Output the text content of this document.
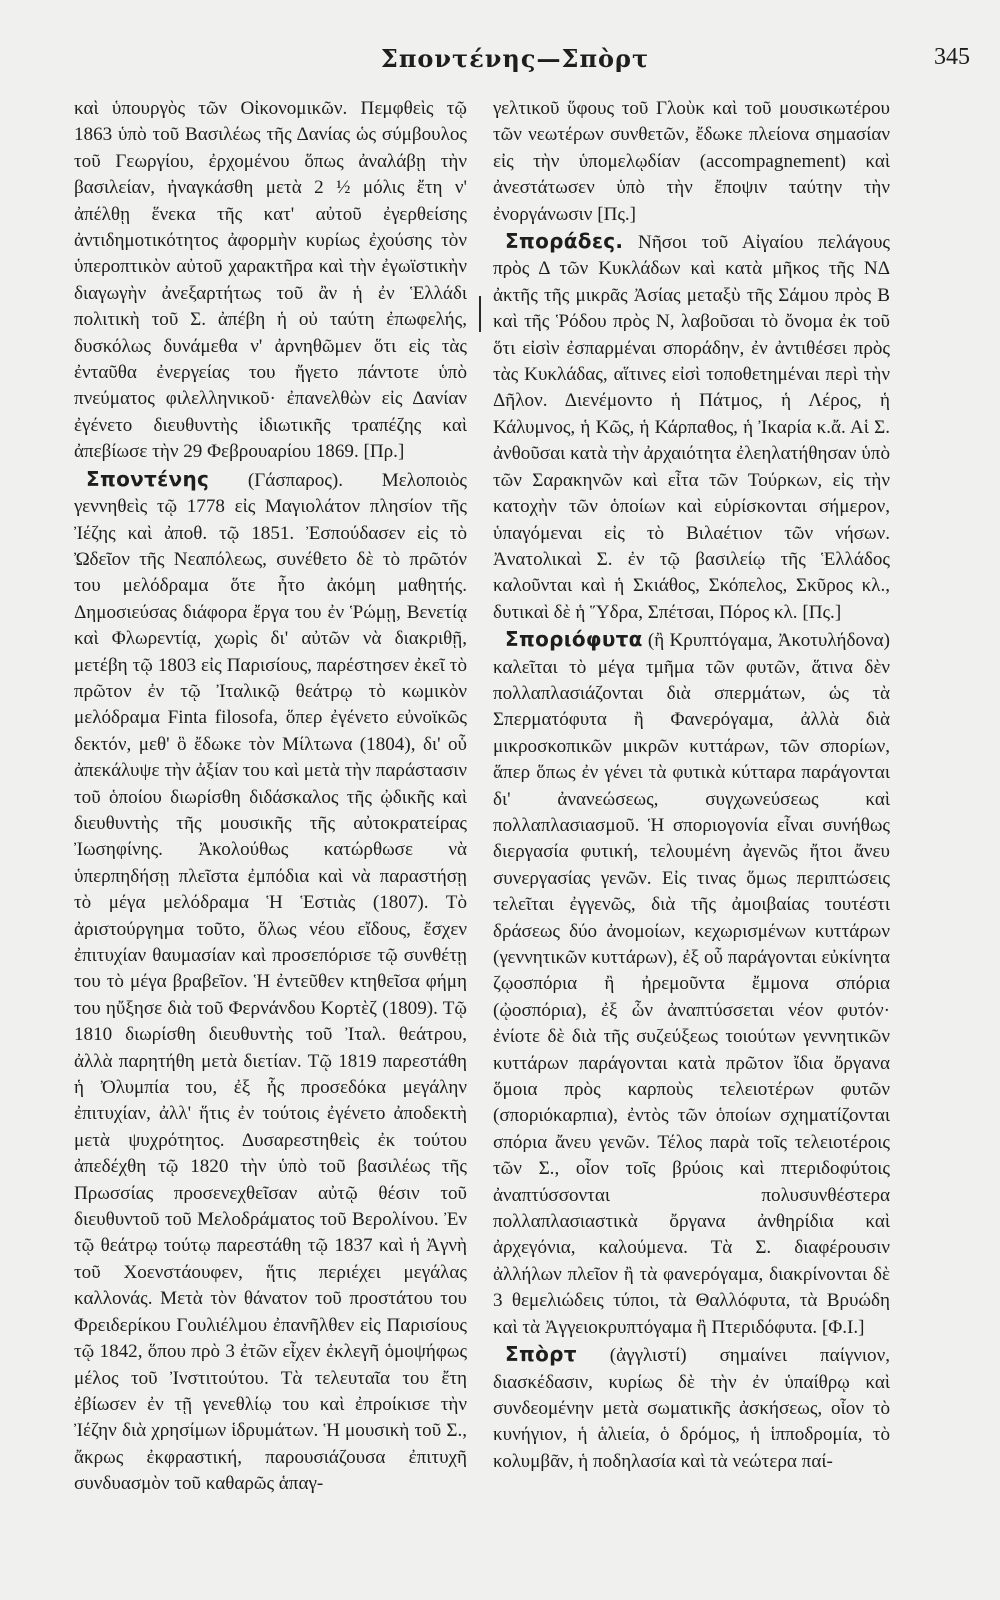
Σποντένης—Σπὸρτ	345

καὶ ὑπουργὸς τῶν Οἰκονομικῶν. Πεμφθεὶς τῷ 1863 ὑπὸ τοῦ Βασιλέως τῆς Δανίας ὡς σύμβουλος τοῦ Γεωργίου, ἐρχομένου ὅπως ἀναλάβῃ τὴν βασιλείαν, ἠναγκάσθη μετὰ 2 ½ μόλις ἔτη ν' ἀπέλθῃ ἕνεκα τῆς κατ' αὐτοῦ ἐγερθείσης ἀντιδημοτικότητος ἀφορμὴν κυρίως ἐχούσης τὸν ὑπεροπτικὸν αὐτοῦ χαρακτῆρα καὶ τὴν ἐγωϊστικὴν διαγωγὴν ἀνεξαρτήτως τοῦ ἂν ἡ ἐν Ἑλλάδι πολιτικὴ τοῦ Σ. ἀπέβη ἡ οὐ ταύτη ἐπωφελής, δυσκόλως δυνάμεθα ν' ἀρνηθῶμεν ὅτι εἰς τὰς ἐνταῦθα ἐνεργείας του ἤγετο πάντοτε ὑπὸ πνεύματος φιλελληνικοῦ· ἐπανελθὼν εἰς Δανίαν ἐγένετο διευθυντὴς ἰδιωτικῆς τραπέζης καὶ ἀπεβίωσε τὴν 29 Φεβρουαρίου 1869. [Πρ.]

Σποντένης (Γάσπαρος). Μελοποιὸς γεννηθεὶς τῷ 1778 εἰς Μαγιολάτον πλησίον τῆς Ἰέζης καὶ ἀποθ. τῷ 1851. Ἐσπούδασεν εἰς τὸ Ὠδεῖον τῆς Νεαπόλεως, συνέθετο δὲ τὸ πρῶτόν του μελόδραμα ὅτε ἦτο ἀκόμη μαθητής. Δημοσιεύσας διάφορα ἔργα του ἐν Ῥώμῃ, Βενετίᾳ καὶ Φλωρεντίᾳ, χωρὶς δι' αὐτῶν νὰ διακριθῇ, μετέβη τῷ 1803 εἰς Παρισίους, παρέστησεν ἐκεῖ τὸ πρῶτον ἐν τῷ Ἰταλικῷ θεάτρῳ τὸ κωμικὸν μελόδραμα Finta filosofa, ὅπερ ἐγένετο εὐνοϊκῶς δεκτόν, μεθ' ὃ ἔδωκε τὸν Μίλτωνα (1804), δι' οὗ ἀπεκάλυψε τὴν ἀξίαν του καὶ μετὰ τὴν παράστασιν τοῦ ὁποίου διωρίσθη διδάσκαλος τῆς ᾠδικῆς καὶ διευθυντὴς τῆς μουσικῆς τῆς αὐτοκρατείρας Ἰωσηφίνης. Ἀκολούθως κατώρθωσε νὰ ὑπερπηδήσῃ πλεῖστα ἐμπόδια καὶ νὰ παραστήσῃ τὸ μέγα μελόδραμα Ἡ Ἑστιὰς (1807). Τὸ ἀριστούργημα τοῦτο, ὅλως νέου εἴδους, ἔσχεν ἐπιτυχίαν θαυμασίαν καὶ προσεπόρισε τῷ συνθέτῃ του τὸ μέγα βραβεῖον. Ἡ ἐντεῦθεν κτηθεῖσα φήμη του ηὔξησε διὰ τοῦ Φερνάνδου Κορτὲζ (1809). Τῷ 1810 διωρίσθη διευθυντὴς τοῦ Ἰταλ. θεάτρου, ἀλλὰ παρητήθη μετὰ διετίαν. Τῷ 1819 παρεστάθη ἡ Ὀλυμπία του, ἐξ ἧς προσεδόκα μεγάλην ἐπιτυχίαν, ἀλλ' ἥτις ἐν τούτοις ἐγένετο ἀποδεκτὴ μετὰ ψυχρότητος. Δυσαρεστηθεὶς ἐκ τούτου ἀπεδέχθη τῷ 1820 τὴν ὑπὸ τοῦ βασιλέως τῆς Πρωσσίας προσενεχθεῖσαν αὐτῷ θέσιν τοῦ διευθυντοῦ τοῦ Μελοδράματος τοῦ Βερολίνου. Ἐν τῷ θεάτρῳ τούτῳ παρεστάθη τῷ 1837 καὶ ἡ Ἀγνὴ τοῦ Χοενστάουφεν, ἥτις περιέχει μεγάλας καλλονάς. Μετὰ τὸν θάνατον τοῦ προστάτου του Φρειδερίκου Γουλιέλμου ἐπανῆλθεν εἰς Παρισίους τῷ 1842, ὅπου πρὸ 3 ἐτῶν εἶχεν ἐκλεγῆ ὁμοψήφως μέλος τοῦ Ἰνστιτούτου. Τὰ τελευταῖα του ἔτη ἐβίωσεν ἐν τῇ γενεθλίῳ του καὶ ἐπροίκισε τὴν Ἰέζην διὰ χρησίμων ἱδρυμάτων. Ἡ μουσικὴ τοῦ Σ., ἄκρως ἐκφραστική, παρουσιάζουσα ἐπιτυχῆ συνδυασμὸν τοῦ καθαρῶς ἁπαγ-

γελτικοῦ ὕφους τοῦ Γλοὺκ καὶ τοῦ μουσικωτέρου τῶν νεωτέρων συνθετῶν, ἔδωκε πλείονα σημασίαν εἰς τὴν ὑπομελῳδίαν (accompagnement) καὶ ἀνεστάτωσεν ὑπὸ τὴν ἔποψιν ταύτην τὴν ἐνοργάνωσιν [Πς.]

Σποράδες. Νῆσοι τοῦ Αἰγαίου πελάγους πρὸς Δ τῶν Κυκλάδων καὶ κατὰ μῆκος τῆς ΝΔ ἀκτῆς τῆς μικρᾶς Ἀσίας μεταξὺ τῆς Σάμου πρὸς Β καὶ τῆς Ῥόδου πρὸς Ν, λαβοῦσαι τὸ ὄνομα ἐκ τοῦ ὅτι εἰσὶν ἐσπαρμέναι σποράδην, ἐν ἀντιθέσει πρὸς τὰς Κυκλάδας, αἵτινες εἰσὶ τοποθετημέναι περὶ τὴν Δῆλον. Διενέμοντο ἡ Πάτμος, ἡ Λέρος, ἡ Κάλυμνος, ἡ Κῶς, ἡ Κάρπαθος, ἡ Ἰκαρία κ.ἄ. Αἱ Σ. ἀνθοῦσαι κατὰ τὴν ἀρχαιότητα ἐλεηλατήθησαν ὑπὸ τῶν Σαρακηνῶν καὶ εἶτα τῶν Τούρκων, εἰς τὴν κατοχὴν τῶν ὁποίων καὶ εὑρίσκονται σήμερον, ὑπαγόμεναι εἰς τὸ Βιλαέτιον τῶν νήσων. Ἀνατολικαὶ Σ. ἐν τῷ βασιλείῳ τῆς Ἑλλάδος καλοῦνται καὶ ἡ Σκιάθος, Σκόπελος, Σκῦρος κλ., δυτικαὶ δὲ ἡ Ὕδρα, Σπέτσαι, Πόρος κλ. [Πς.]

Σποριόφυτα (ἢ Κρυπτόγαμα, Ἀκοτυλήδονα) καλεῖται τὸ μέγα τμῆμα τῶν φυτῶν, ἅτινα δὲν πολλαπλασιάζονται διὰ σπερμάτων, ὡς τὰ Σπερματόφυτα ἢ Φανερόγαμα, ἀλλὰ διὰ μικροσκοπικῶν μικρῶν κυττάρων, τῶν σπορίων, ἅπερ ὅπως ἐν γένει τὰ φυτικὰ κύτταρα παράγονται δι' ἀνανεώσεως, συγχωνεύσεως καὶ πολλαπλασιασμοῦ. Ἡ σποριογονία εἶναι συνήθως διεργασία φυτική, τελουμένη ἀγενῶς ἤτοι ἄνευ συνεργασίας γενῶν. Εἰς τινας ὅμως περιπτώσεις τελεῖται ἐγγενῶς, διὰ τῆς ἀμοιβαίας τουτέστι δράσεως δύο ἀνομοίων, κεχωρισμένων κυττάρων (γεννητικῶν κυττάρων), ἐξ οὗ παράγονται εὐκίνητα ζῳοσπόρια ἢ ἠρεμοῦντα ἔμμονα σπόρια (ᾠοσπόρια), ἐξ ὧν ἀναπτύσσεται νέον φυτόν· ἐνίοτε δὲ διὰ τῆς συζεύξεως τοιούτων γεννητικῶν κυττάρων παράγονται κατὰ πρῶτον ἴδια ὄργανα ὅμοια πρὸς καρποὺς τελειοτέρων φυτῶν (σποριόκαρπια), ἐντὸς τῶν ὁποίων σχηματίζονται σπόρια ἄνευ γενῶν. Τέλος παρὰ τοῖς τελειοτέροις τῶν Σ., οἷον τοῖς βρύοις καὶ πτεριδοφύτοις ἀναπτύσσονται πολυσυνθέστερα πολλαπλασιαστικὰ ὄργανα ἀνθηρίδια καὶ ἀρχεγόνια, καλούμενα. Τὰ Σ. διαφέρουσιν ἀλλήλων πλεῖον ἢ τὰ φανερόγαμα, διακρίνονται δὲ 3 θεμελιώδεις τύποι, τὰ Θαλλόφυτα, τὰ Βρυώδη καὶ τὰ Ἀγγειοκρυπτόγαμα ἢ Πτεριδόφυτα. [Φ.Ι.]

Σπὸρτ (ἀγγλιστί) σημαίνει παίγνιον, διασκέδασιν, κυρίως δὲ τὴν ἐν ὑπαίθρῳ καὶ συνδεομένην μετὰ σωματικῆς ἀσκήσεως, οἷον τὸ κυνήγιον, ἡ ἁλιεία, ὁ δρόμος, ἡ ἱπποδρομία, τὸ κολυμβᾶν, ἡ ποδηλασία καὶ τὰ νεώτερα παί-
